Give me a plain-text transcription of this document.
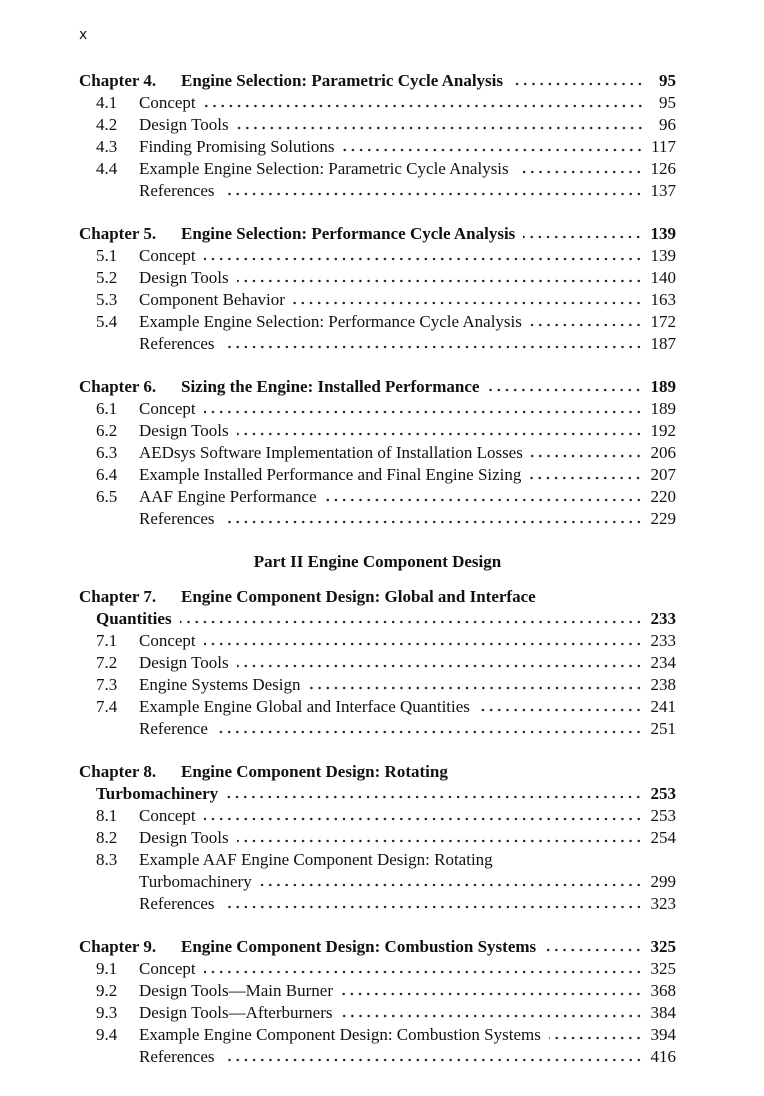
x
Chapter 4.	Engine Selection: Parametric Cycle Analysis	95
4.1	Concept	95
4.2	Design Tools	96
4.3	Finding Promising Solutions	117
4.4	Example Engine Selection: Parametric Cycle Analysis	126
References	137
Chapter 5.	Engine Selection: Performance Cycle Analysis	139
5.1	Concept	139
5.2	Design Tools	140
5.3	Component Behavior	163
5.4	Example Engine Selection: Performance Cycle Analysis	172
References	187
Chapter 6.	Sizing the Engine: Installed Performance	189
6.1	Concept	189
6.2	Design Tools	192
6.3	AEDsys Software Implementation of Installation Losses	206
6.4	Example Installed Performance and Final Engine Sizing	207
6.5	AAF Engine Performance	220
References	229
Part II Engine Component Design
Chapter 7.	Engine Component Design: Global and Interface
Quantities	233
7.1	Concept	233
7.2	Design Tools	234
7.3	Engine Systems Design	238
7.4	Example Engine Global and Interface Quantities	241
Reference	251
Chapter 8.	Engine Component Design: Rotating
Turbomachinery	253
8.1	Concept	253
8.2	Design Tools	254
8.3	Example AAF Engine Component Design: Rotating
Turbomachinery	299
References	323
Chapter 9.	Engine Component Design: Combustion Systems	325
9.1	Concept	325
9.2	Design Tools—Main Burner	368
9.3	Design Tools—Afterburners	384
9.4	Example Engine Component Design: Combustion Systems	394
References	416
